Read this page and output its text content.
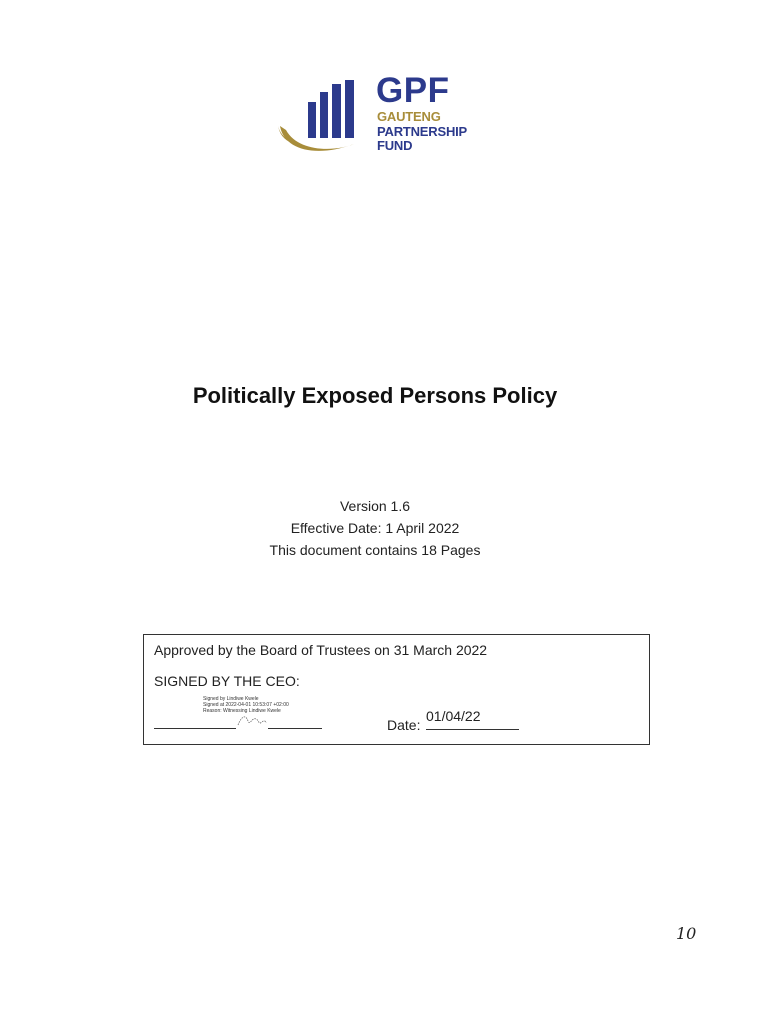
GPF
GAUTENG
PARTNERSHIP
FUND
Politically Exposed Persons Policy
Version 1.6
Effective Date: 1 April 2022
This document contains 18 Pages
Approved by the Board of Trustees on 31 March 2022
SIGNED BY THE CEO:
Signed by Lindiwe Kwele
Signed at 2022-04-01 10:53:07 +02:00
Reason: Witnessing Lindiwe Kwele
Date:
01/04/22
10
